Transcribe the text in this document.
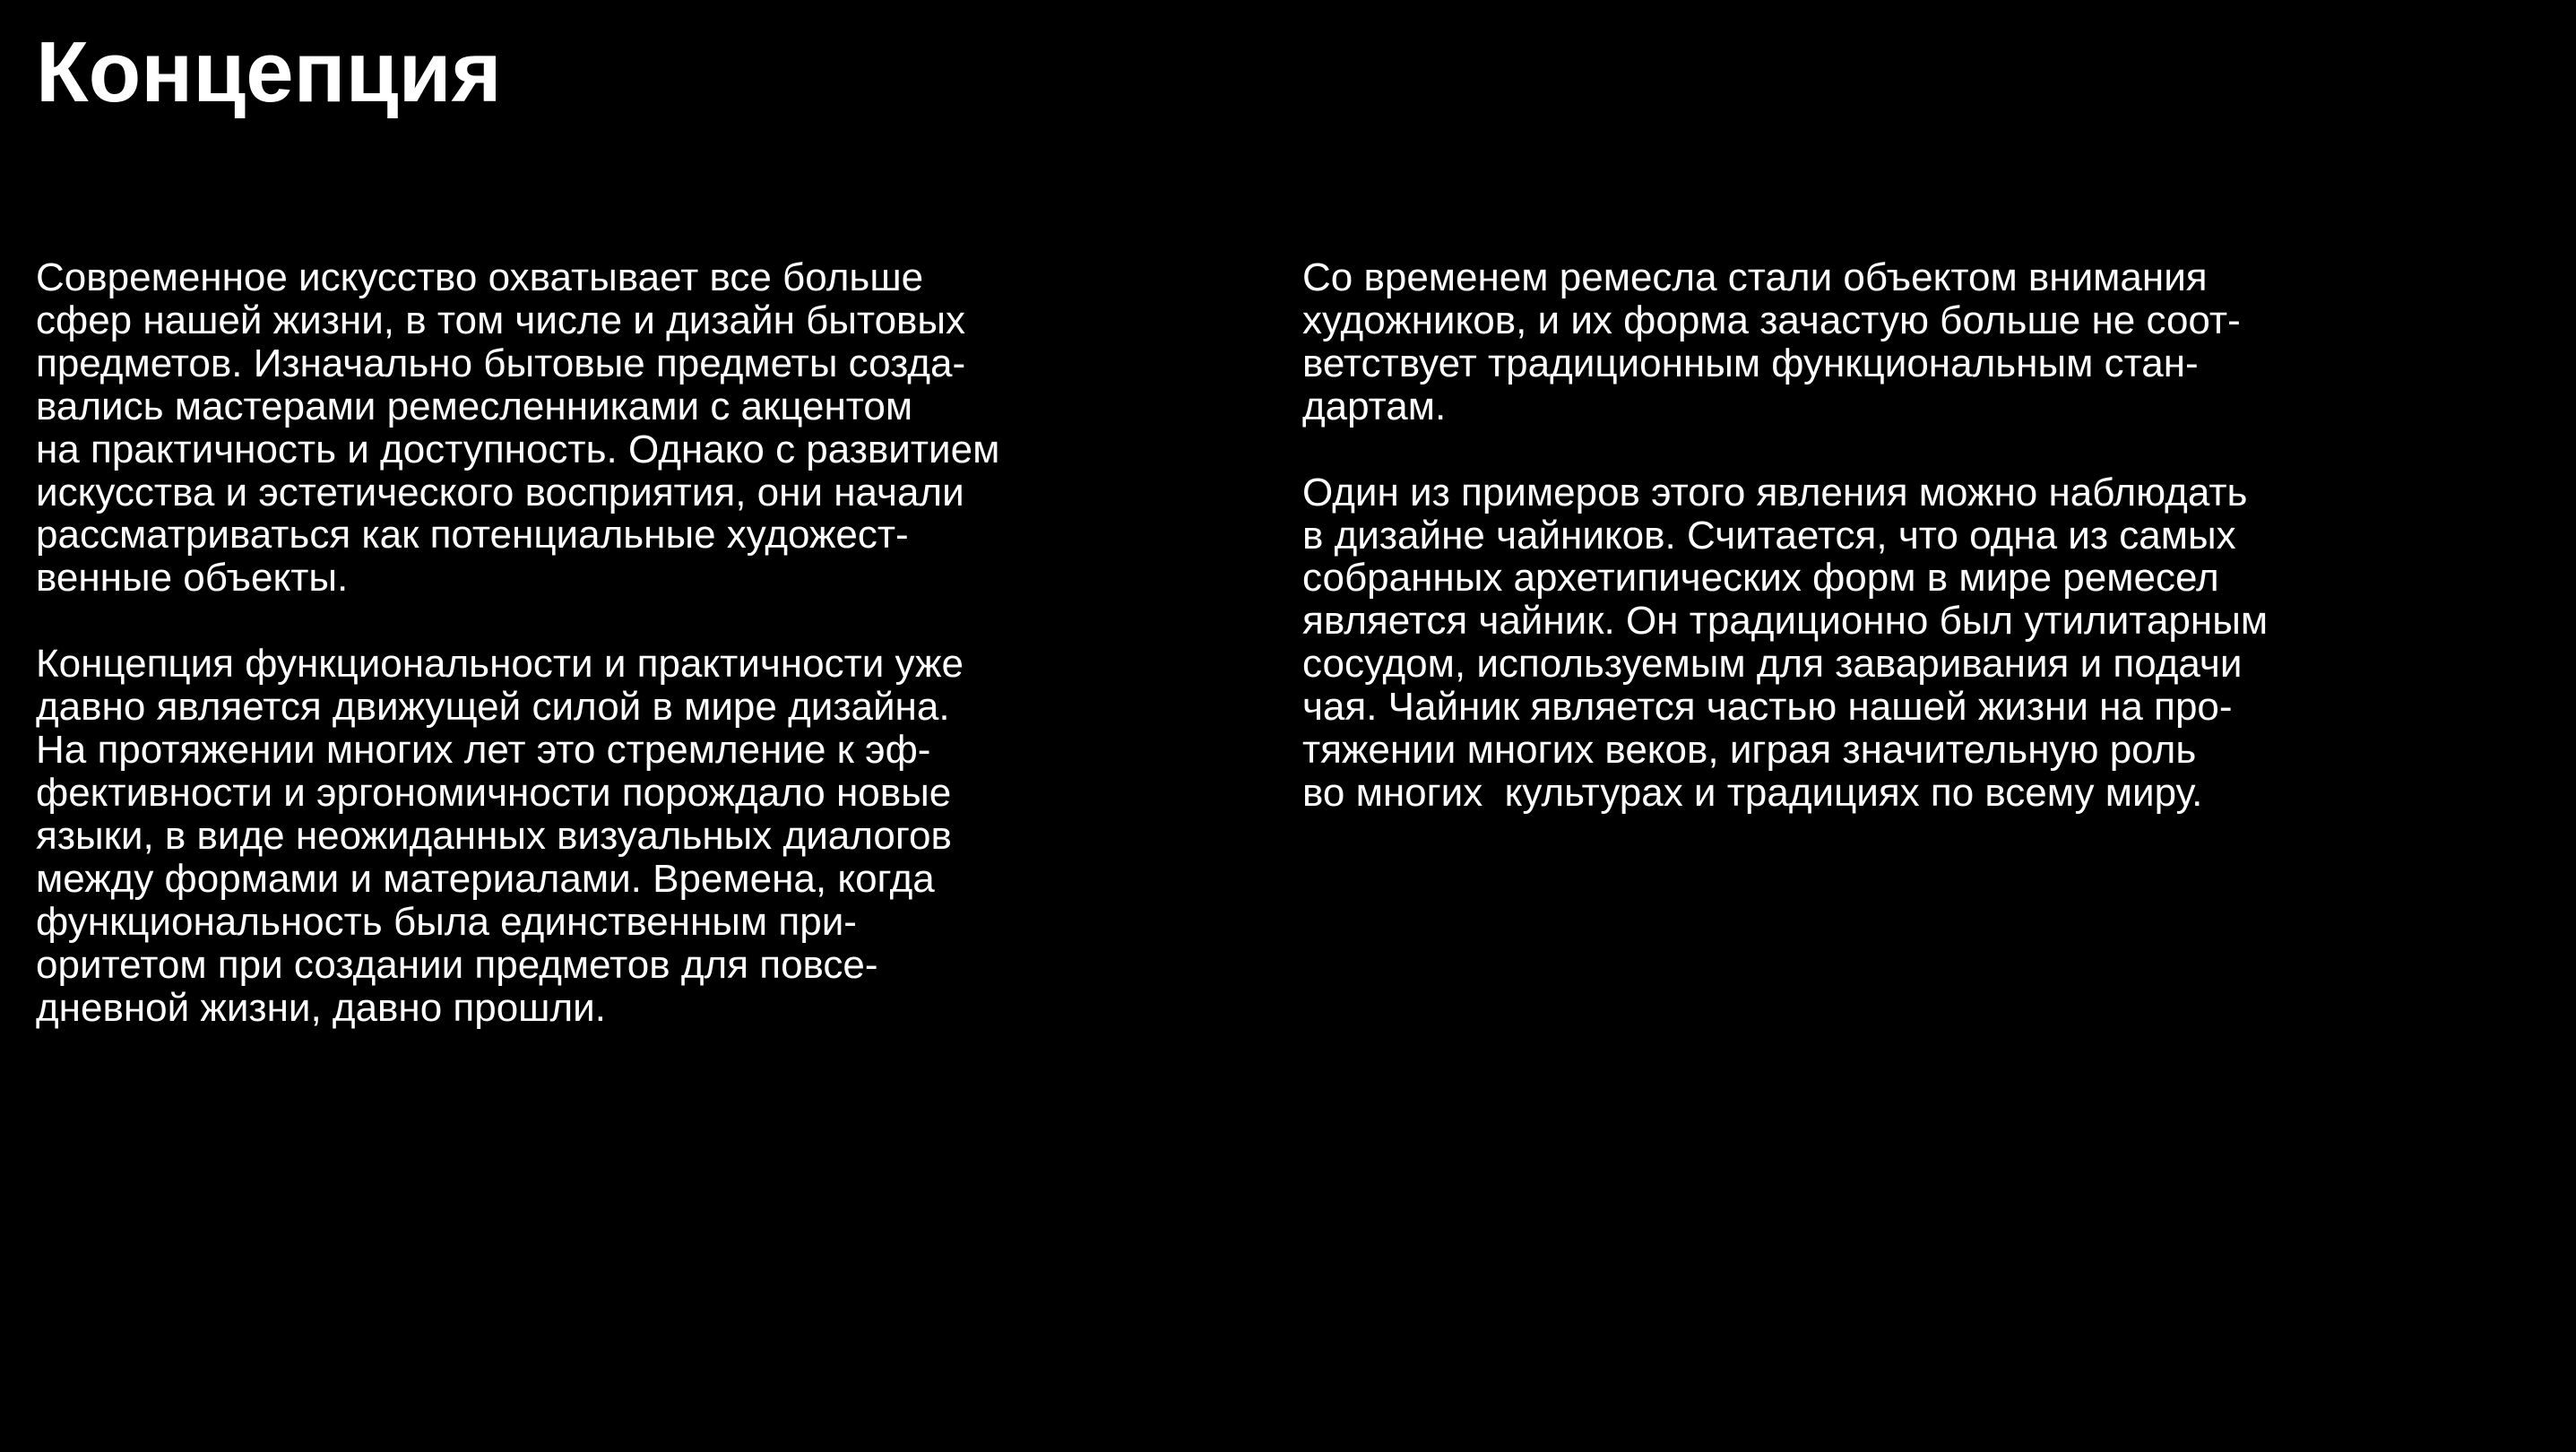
Концепция

Современное искусство охватывает все больше
сфер нашей жизни, в том числе и дизайн бытовых
предметов. Изначально бытовые предметы созда-
вались мастерами ремесленниками с акцентом
на практичность и доступность. Однако с развитием
искусства и эстетического восприятия, они начали
рассматриваться как потенциальные художест-
венные объекты.

Концепция функциональности и практичности уже
давно является движущей силой в мире дизайна.
На протяжении многих лет это стремление к эф-
фективности и эргономичности порождало новые
языки, в виде неожиданных визуальных диалогов
между формами и материалами. Времена, когда
функциональность была единственным при-
оритетом при создании предметов для повсе-
дневной жизни, давно прошли.

Со временем ремесла стали объектом внимания
художников, и их форма зачастую больше не соот-
ветствует традиционным функциональным стан-
дартам.

Один из примеров этого явления можно наблюдать
в дизайне чайников. Считается, что одна из самых
собранных архетипических форм в мире ремесел
является чайник. Он традиционно был утилитарным
сосудом, используемым для заваривания и подачи
чая. Чайник является частью нашей жизни на про-
тяжении многих веков, играя значительную роль
во многих  культурах и традициях по всему миру.
